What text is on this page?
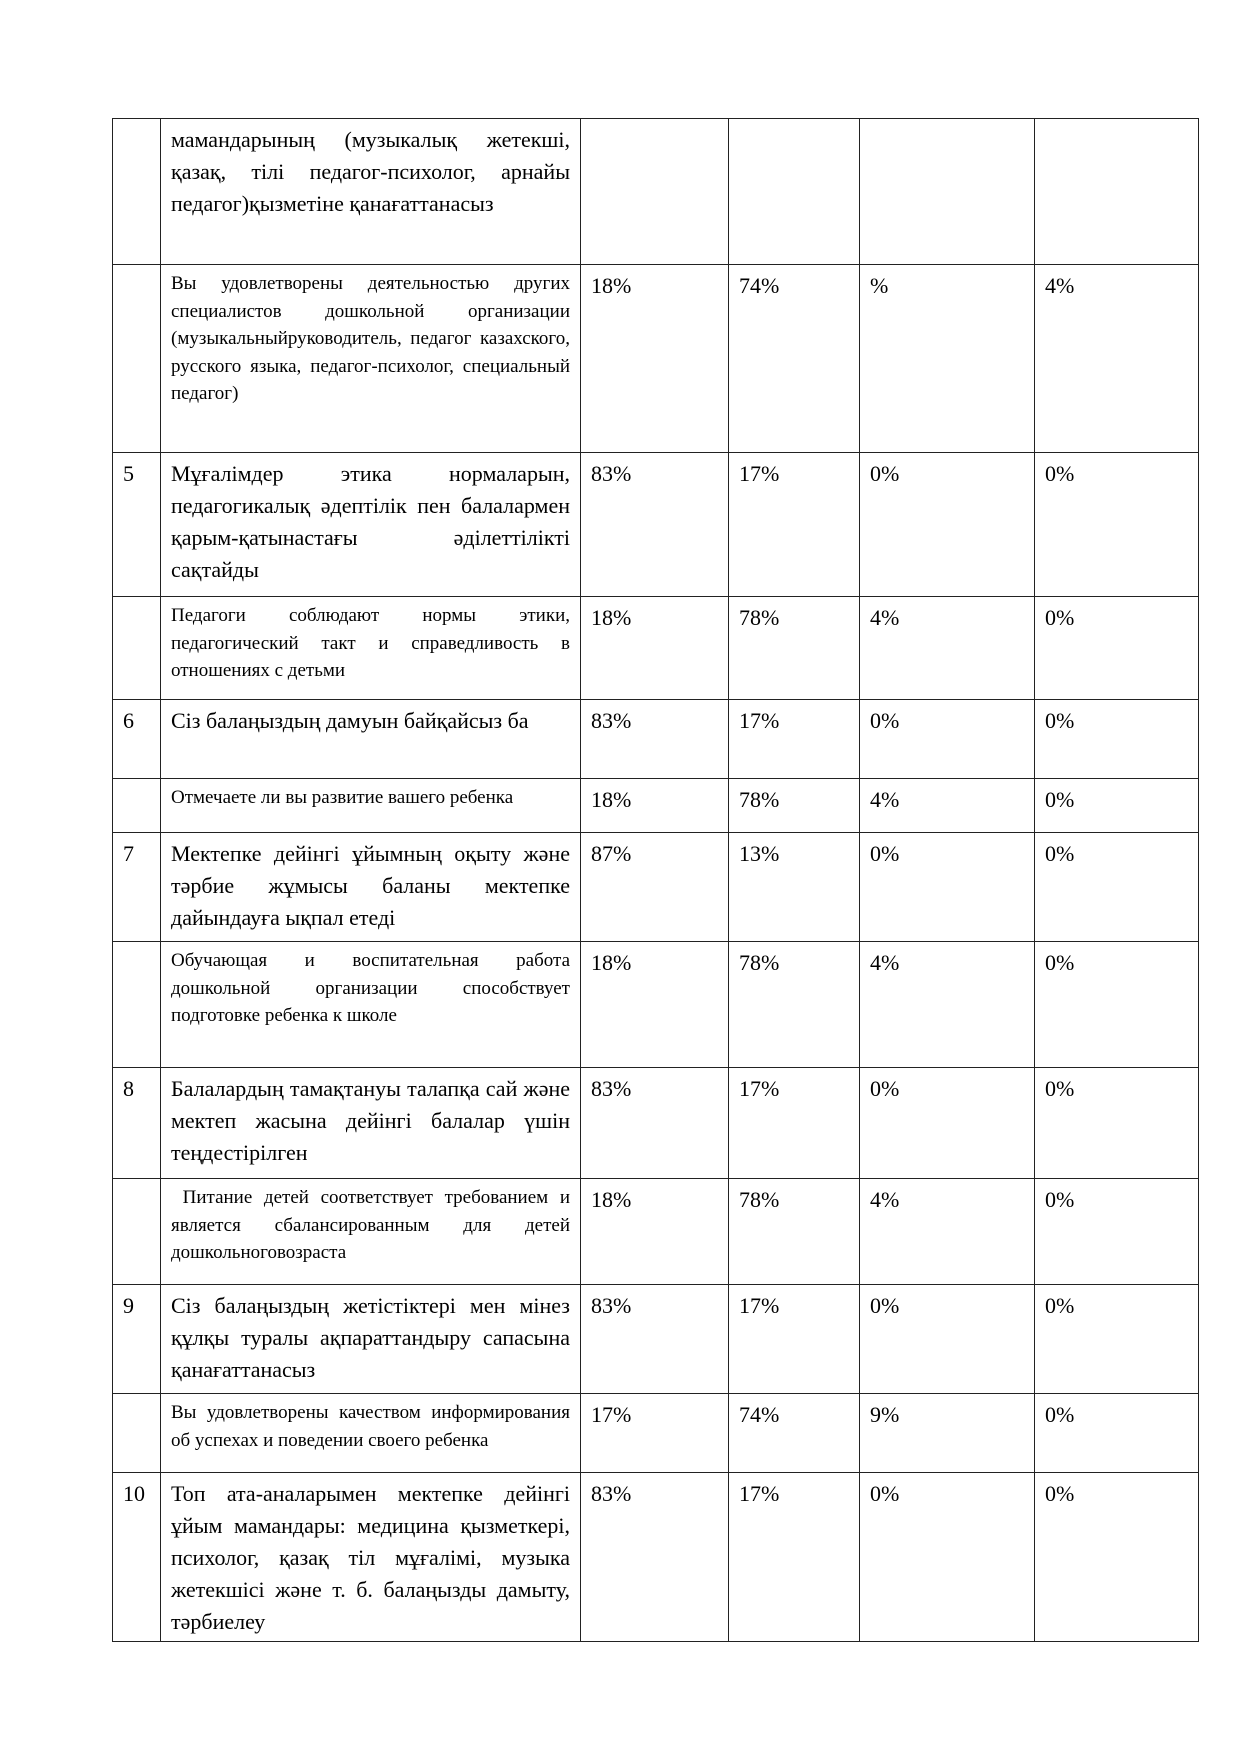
	мамандарының (музыкалық жетекші, қазақ, тілі педагог-психолог, арнайы педагог)қызметіне қанағаттанасыз				
	Вы удовлетворены деятельностью других специалистов дошкольной организации (музыкальныйруководитель, педагог казахского, русского языка, педагог-психолог, специальный педагог)	18%	74%	%	4%
5	Мұғалімдер этика нормаларын, педагогикалық әдептілік пен балалармен қарым-қатынастағы әділеттілікті сақтайды	83%	17%	0%	0%
	Педагоги соблюдают нормы этики, педагогический такт и справедливость в отношениях с детьми	18%	78%	4%	0%
6	Сіз балаңыздың дамуын байқайсыз ба	83%	17%	0%	0%
	Отмечаете ли вы развитие вашего ребенка	18%	78%	4%	0%
7	Мектепке дейінгі ұйымның оқыту және тәрбие жұмысы баланы мектепке дайындауға ықпал етеді	87%	13%	0%	0%
	Обучающая и воспитательная работа дошкольной организации способствует подготовке ребенка к школе	18%	78%	4%	0%
8	Балалардың тамақтануы талапқа сай және мектеп жасына дейінгі балалар үшін теңдестірілген	83%	17%	0%	0%
	Питание детей соответствует требованием и является сбалансированным для детей дошкольноговозраста	18%	78%	4%	0%
9	Сіз балаңыздың жетістіктері мен мінез құлқы туралы ақпараттандыру сапасына қанағаттанасыз	83%	17%	0%	0%
	Вы удовлетворены качеством информирования об успехах и поведении своего ребенка	17%	74%	9%	0%
10	Топ ата-аналарымен мектепке дейінгі ұйым мамандары: медицина қызметкері, психолог, қазақ тіл мұғалімі, музыка жетекшісі және т. б. балаңызды дамыту, тәрбиелеу	83%	17%	0%	0%
